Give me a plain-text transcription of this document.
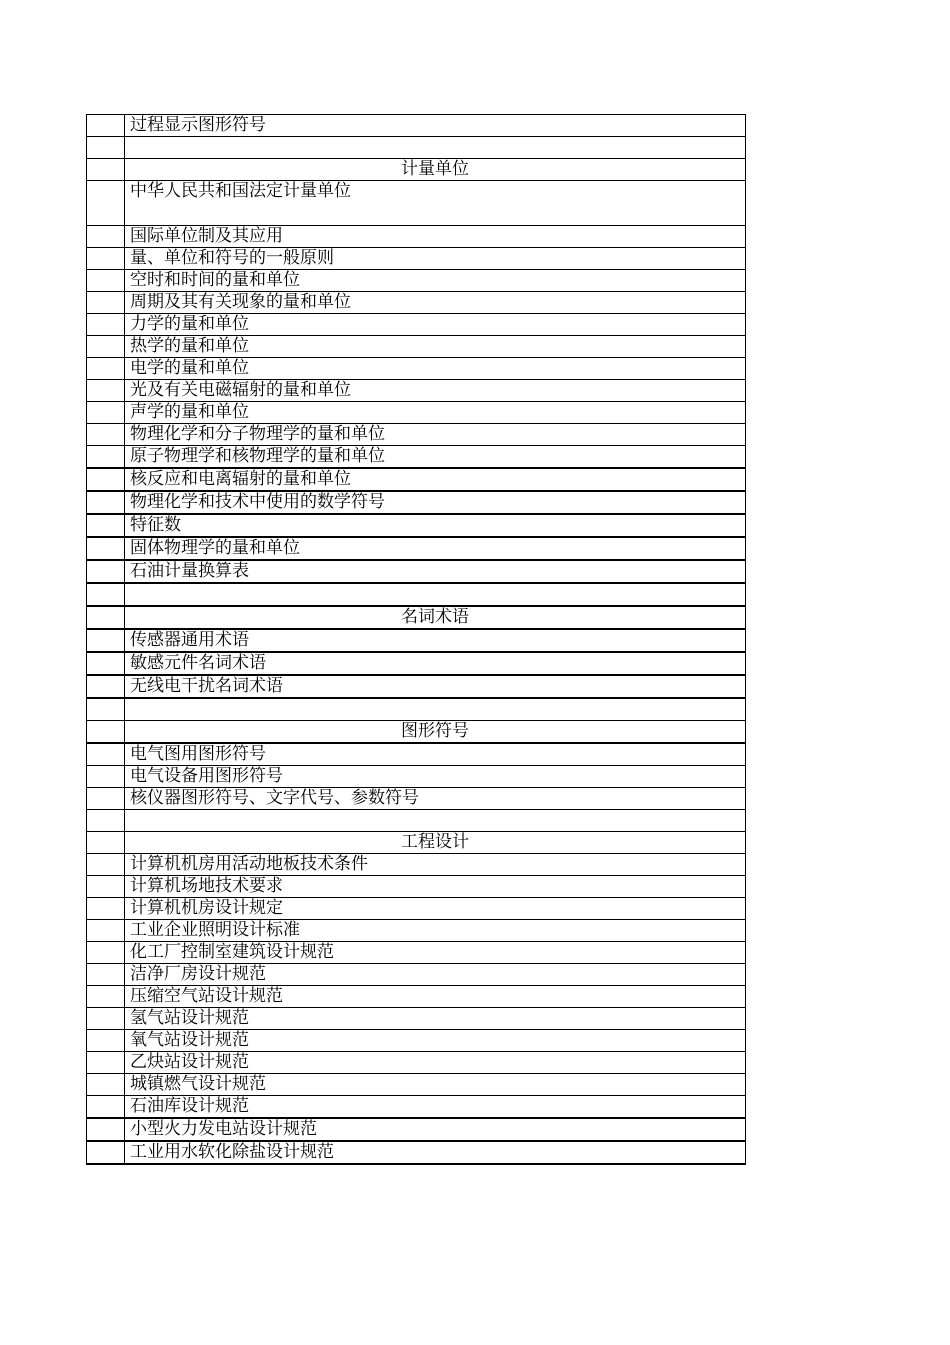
	过程显示图形符号

	计量单位
	中华人民共和国法定计量单位
	国际单位制及其应用
	量、单位和符号的一般原则
	空时和时间的量和单位
	周期及其有关现象的量和单位
	力学的量和单位
	热学的量和单位
	电学的量和单位
	光及有关电磁辐射的量和单位
	声学的量和单位
	物理化学和分子物理学的量和单位
	原子物理学和核物理学的量和单位
	核反应和电离辐射的量和单位
	物理化学和技术中使用的数学符号
	特征数
	固体物理学的量和单位
	石油计量换算表

	名词术语
	传感器通用术语
	敏感元件名词术语
	无线电干扰名词术语

	图形符号
	电气图用图形符号
	电气设备用图形符号
	核仪器图形符号、文字代号、参数符号

	工程设计
	计算机机房用活动地板技术条件
	计算机场地技术要求
	计算机机房设计规定
	工业企业照明设计标准
	化工厂控制室建筑设计规范
	洁净厂房设计规范
	压缩空气站设计规范
	氢气站设计规范
	氧气站设计规范
	乙炔站设计规范
	城镇燃气设计规范
	石油库设计规范
	小型火力发电站设计规范
	工业用水软化除盐设计规范
